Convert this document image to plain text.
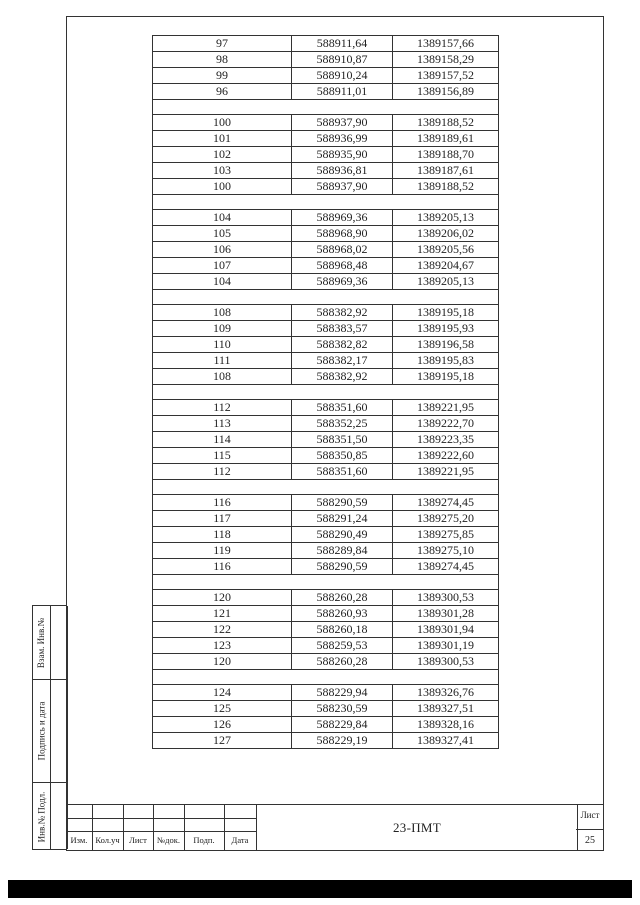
97	588911,64	1389157,66
98	588910,87	1389158,29
99	588910,24	1389157,52
96	588911,01	1389156,89

100	588937,90	1389188,52
101	588936,99	1389189,61
102	588935,90	1389188,70
103	588936,81	1389187,61
100	588937,90	1389188,52

104	588969,36	1389205,13
105	588968,90	1389206,02
106	588968,02	1389205,56
107	588968,48	1389204,67
104	588969,36	1389205,13

108	588382,92	1389195,18
109	588383,57	1389195,93
110	588382,82	1389196,58
111	588382,17	1389195,83
108	588382,92	1389195,18

112	588351,60	1389221,95
113	588352,25	1389222,70
114	588351,50	1389223,35
115	588350,85	1389222,60
112	588351,60	1389221,95

116	588290,59	1389274,45
117	588291,24	1389275,20
118	588290,49	1389275,85
119	588289,84	1389275,10
116	588290,59	1389274,45

120	588260,28	1389300,53
121	588260,93	1389301,28
122	588260,18	1389301,94
123	588259,53	1389301,19
120	588260,28	1389300,53

124	588229,94	1389326,76
125	588230,59	1389327,51
126	588229,84	1389328,16
127	588229,19	1389327,41
Взам. Инв.№
Подпись и дата
Инв.№ Подл.	Изм. Кол.уч	Лист	№док.	Подп.	Дата
23-ПМТ
Лист
25
